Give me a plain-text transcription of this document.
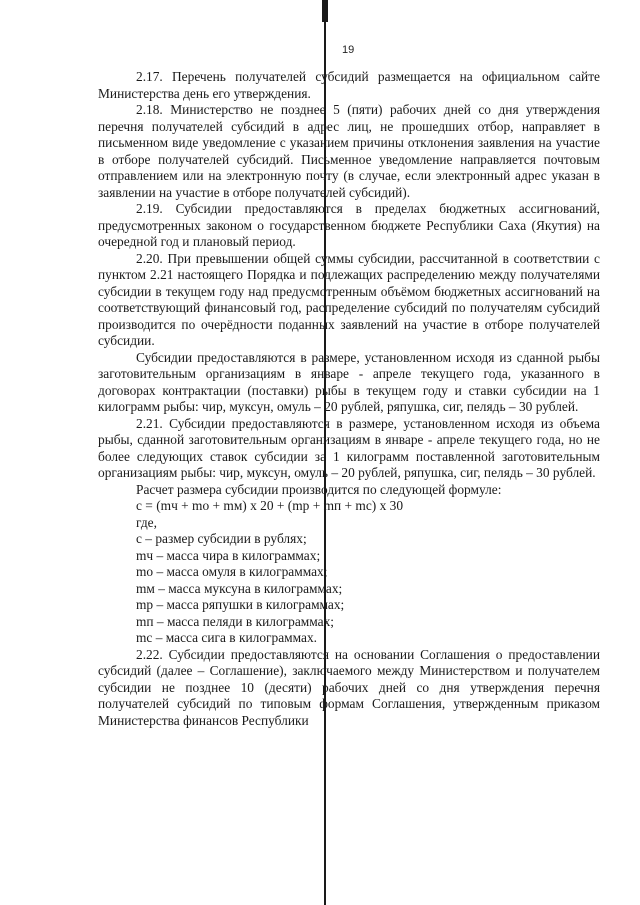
19

2.17. Перечень получателей субсидий размещается на официальном сайте Министерства день его утверждения.

2.18. Министерство не позднее 5 (пяти) рабочих дней со дня утверждения перечня получателей субсидий в адрес лиц, не прошедших отбор, направляет в письменном виде уведомление с указанием причины отклонения заявления на участие в отборе получателей субсидий. Письменное уведомление направляется почтовым отправлением или на электронную почту (в случае, если электронный адрес указан в заявлении на участие в отборе получателей субсидий).

2.19. Субсидии предоставляются в пределах бюджетных ассигнований, предусмотренных законом о государственном бюджете Республики Саха (Якутия) на очередной год и плановый период.

2.20. При превышении общей суммы субсидии, рассчитанной в соответствии с пунктом 2.21 настоящего Порядка и подлежащих распределению между получателями субсидии в текущем году над предусмотренным объёмом бюджетных ассигнований на соответствующий финансовый год, распределение субсидий по получателям субсидий производится по очерёдности поданных заявлений на участие в отборе получателей субсидии.

Субсидии предоставляются в размере, установленном исходя из сданной рыбы заготовительным организациям в январе - апреле текущего года, указанного в договорах контрактации (поставки) рыбы в текущем году и ставки субсидии на 1 килограмм рыбы: чир, муксун, омуль – 20 рублей, ряпушка, сиг, пелядь – 30 рублей.

2.21. Субсидии предоставляются в размере, установленном исходя из объема рыбы, сданной заготовительным организациям в январе - апреле текущего года, но не более следующих ставок субсидии за 1 килограмм поставленной заготовительным организациям рыбы: чир, муксун, омуль – 20 рублей, ряпушка, сиг, пелядь – 30 рублей.

Расчет размера субсидии производится по следующей формуле:

с = (mч + mо + mм) х 20 + (mр + mп + mс) х 30

где,

с – размер субсидии в рублях;

mч – масса чира в килограммах;

mо – масса омуля в килограммах;

mм – масса муксуна в килограммах;

mр – масса ряпушки в килограммах;

mп – масса пеляди в килограммах;

mс – масса сига в килограммах.

2.22. Субсидии предоставляются на основании Соглашения о предоставлении субсидий (далее – Соглашение), заключаемого между Министерством и получателем субсидии не позднее 10 (десяти) рабочих дней со дня утверждения перечня получателей субсидий по типовым формам Соглашения, утвержденным приказом Министерства финансов Республики
